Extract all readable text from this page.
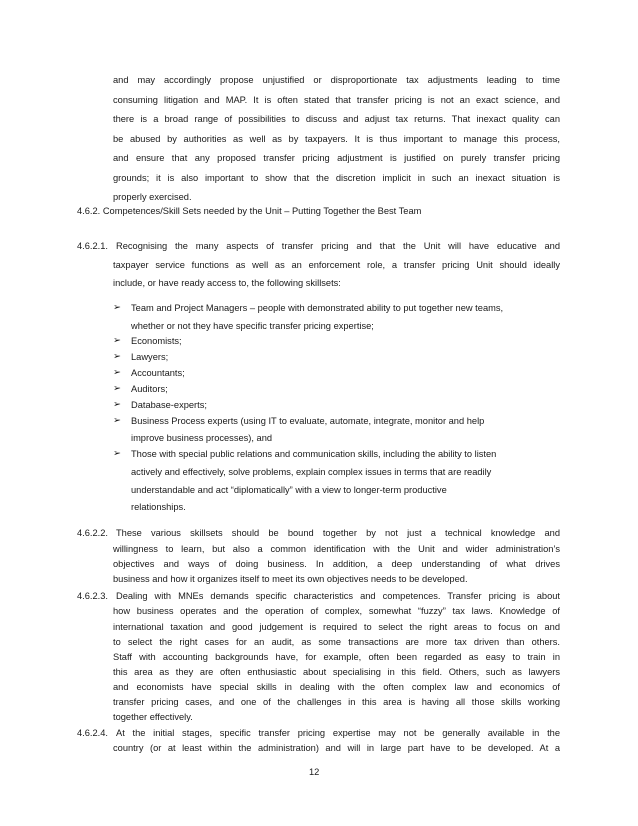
and may accordingly propose unjustified or disproportionate tax adjustments leading to time
consuming litigation and MAP. It is often stated that transfer pricing is not an exact science, and
there is a broad range of possibilities to discuss and adjust tax returns. That inexact quality can
be abused by authorities as well as by taxpayers. It is thus important to manage this process,
and ensure that any proposed transfer pricing adjustment is justified on purely transfer pricing
grounds; it is also important to show that the discretion implicit in such an inexact situation is
properly exercised.
4.6.2. Competences/Skill Sets needed by the Unit – Putting Together the Best Team
4.6.2.1. Recognising the many aspects of transfer pricing and that the Unit will have educative and
taxpayer service functions as well as an enforcement role, a transfer pricing Unit should ideally
include, or have ready access to, the following skillsets:
➢ Team and Project Managers – people with demonstrated ability to put together new teams,
whether or not they have specific transfer pricing expertise;
➢ Economists;
➢ Lawyers;
➢ Accountants;
➢ Auditors;
➢ Database-experts;
➢ Business Process experts (using IT to evaluate, automate, integrate, monitor and help
improve business processes), and
➢ Those with special public relations and communication skills, including the ability to listen
actively and effectively, solve problems, explain complex issues in terms that are readily
understandable and act “diplomatically” with a view to longer-term productive
relationships.
4.6.2.2. These various skillsets should be bound together by not just a technical knowledge and
willingness to learn, but also a common identification with the Unit and wider administration’s
objectives and ways of doing business. In addition, a deep understanding of what drives
business and how it organizes itself to meet its own objectives needs to be developed.
4.6.2.3. Dealing with MNEs demands specific characteristics and competences. Transfer pricing is about
how business operates and the operation of complex, somewhat “fuzzy” tax laws. Knowledge of
international taxation and good judgement is required to select the right areas to focus on and
to select the right cases for an audit, as some transactions are more tax driven than others.
Staff with accounting backgrounds have, for example, often been regarded as easy to train in
this area as they are often enthusiastic about specialising in this field. Others, such as lawyers
and economists have special skills in dealing with the often complex law and economics of
transfer pricing cases, and one of the challenges in this area is having all those skills working
together effectively.
4.6.2.4. At the initial stages, specific transfer pricing expertise may not be generally available in the
country (or at least within the administration) and will in large part have to be developed. At a
12
